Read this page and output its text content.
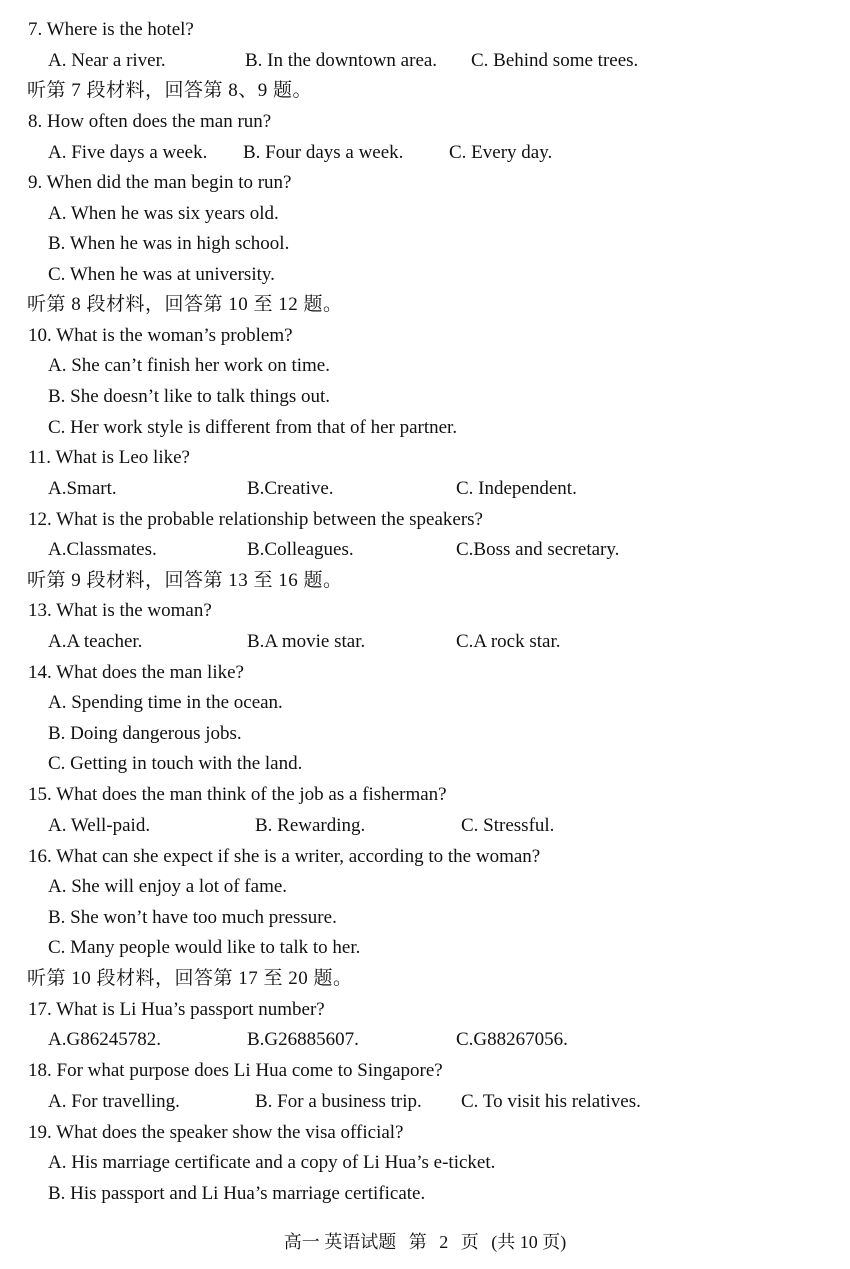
7. Where is the hotel?
A. Near a river.	B. In the downtown area. C. Behind some trees.
听第 7 段材料，回答第 8、9 题。
8. How often does the man run?
A. Five days a week. B. Four days a week. C. Every day.
9. When did the man begin to run?
A. When he was six years old.
B. When he was in high school.
C. When he was at university.
听第 8 段材料，回答第 10 至 12 题。
10. What is the woman’s problem?
A. She can’t finish her work on time.
B. She doesn’t like to talk things out.
C. Her work style is different from that of her partner.
11. What is Leo like?
A.Smart.	B.Creative.	C. Independent.
12. What is the probable relationship between the speakers?
A.Classmates.	B.Colleagues.	C.Boss and secretary.
听第 9 段材料，回答第 13 至 16 题。
13. What is the woman?
A.A teacher.	B.A movie star.	C.A rock star.
14. What does the man like?
A. Spending time in the ocean.
B. Doing dangerous jobs.
C. Getting in touch with the land.
15. What does the man think of the job as a fisherman?
A. Well-paid.	B. Rewarding.	C. Stressful.
16. What can she expect if she is a writer, according to the woman?
A. She will enjoy a lot of fame.
B. She won’t have too much pressure.
C. Many people would like to talk to her.
听第 10 段材料，回答第 17 至 20 题。
17. What is Li Hua’s passport number?
A.G86245782.	B.G26885607.	C.G88267056.
18. For what purpose does Li Hua come to Singapore?
A. For travelling.	B. For a business trip. C. To visit his relatives.
19. What does the speaker show the visa official?
A. His marriage certificate and a copy of Li Hua’s e-ticket.
B. His passport and Li Hua’s marriage certificate.
高一 英语试题 第 2 页 (共 10 页)
